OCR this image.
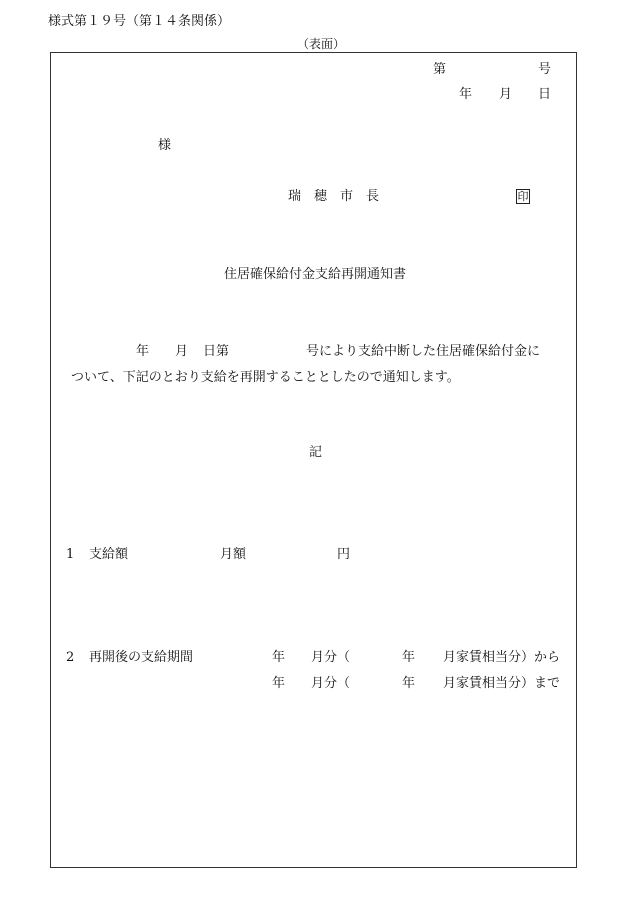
様式第１９号（第１４条関係）
（表面）
第	号
年 月 日
様
瑞　穂　市　長	印
住居確保給付金支給再開通知書
年 月 日第	号により支給中断した住居確保給付金に
ついて、下記のとおり支給を再開することとしたので通知します。
記
1 支給額	月額	円
2 再開後の支給期間	年 月分（	年 月家賃相当分）から
年 月分（	年 月家賃相当分）まで
